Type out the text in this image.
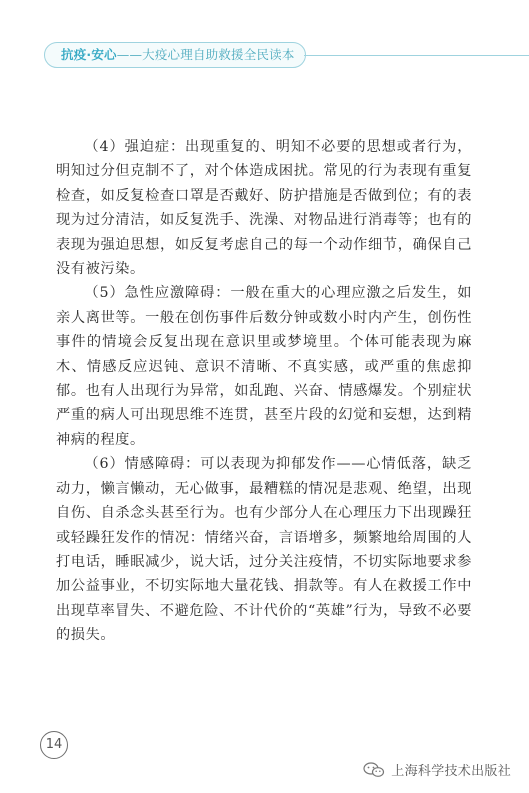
抗疫·安心——大疫心理自助救援全民读本

（4）强迫症：出现重复的、明知不必要的思想或者行为，明知过分但克制不了，对个体造成困扰。常见的行为表现有重复检查，如反复检查口罩是否戴好、防护措施是否做到位；有的表现为过分清洁，如反复洗手、洗澡、对物品进行消毒等；也有的表现为强迫思想，如反复考虑自己的每一个动作细节，确保自己没有被污染。

（5）急性应激障碍：一般在重大的心理应激之后发生，如亲人离世等。一般在创伤事件后数分钟或数小时内产生，创伤性事件的情境会反复出现在意识里或梦境里。个体可能表现为麻木、情感反应迟钝、意识不清晰、不真实感，或严重的焦虑抑郁。也有人出现行为异常，如乱跑、兴奋、情感爆发。个别症状严重的病人可出现思维不连贯，甚至片段的幻觉和妄想，达到精神病的程度。

（6）情感障碍：可以表现为抑郁发作——心情低落，缺乏动力，懒言懒动，无心做事，最糟糕的情况是悲观、绝望，出现自伤、自杀念头甚至行为。也有少部分人在心理压力下出现躁狂或轻躁狂发作的情况：情绪兴奋，言语增多，频繁地给周围的人打电话，睡眠减少，说大话，过分关注疫情，不切实际地要求参加公益事业，不切实际地大量花钱、捐款等。有人在救援工作中出现草率冒失、不避危险、不计代价的“英雄”行为，导致不必要的损失。

14
上海科学技术出版社
